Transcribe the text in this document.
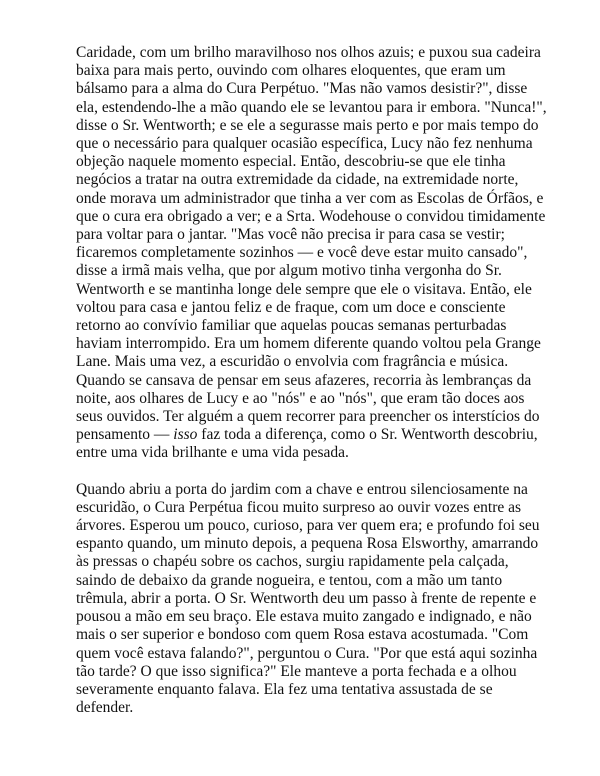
Caridade, com um brilho maravilhoso nos olhos azuis; e puxou sua cadeira
baixa para mais perto, ouvindo com olhares eloquentes, que eram um
bálsamo para a alma do Cura Perpétuo. "Mas não vamos desistir?", disse
ela, estendendo-lhe a mão quando ele se levantou para ir embora. "Nunca!",
disse o Sr. Wentworth; e se ele a segurasse mais perto e por mais tempo do
que o necessário para qualquer ocasião específica, Lucy não fez nenhuma
objeção naquele momento especial. Então, descobriu-se que ele tinha
negócios a tratar na outra extremidade da cidade, na extremidade norte,
onde morava um administrador que tinha a ver com as Escolas de Órfãos, e
que o cura era obrigado a ver; e a Srta. Wodehouse o convidou timidamente
para voltar para o jantar. "Mas você não precisa ir para casa se vestir;
ficaremos completamente sozinhos — e você deve estar muito cansado",
disse a irmã mais velha, que por algum motivo tinha vergonha do Sr.
Wentworth e se mantinha longe dele sempre que ele o visitava. Então, ele
voltou para casa e jantou feliz e de fraque, com um doce e consciente
retorno ao convívio familiar que aquelas poucas semanas perturbadas
haviam interrompido. Era um homem diferente quando voltou pela Grange
Lane. Mais uma vez, a escuridão o envolvia com fragrância e música.
Quando se cansava de pensar em seus afazeres, recorria às lembranças da
noite, aos olhares de Lucy e ao "nós" e ao "nós", que eram tão doces aos
seus ouvidos. Ter alguém a quem recorrer para preencher os interstícios do
pensamento — isso faz toda a diferença, como o Sr. Wentworth descobriu,
entre uma vida brilhante e uma vida pesada.

Quando abriu a porta do jardim com a chave e entrou silenciosamente na
escuridão, o Cura Perpétua ficou muito surpreso ao ouvir vozes entre as
árvores. Esperou um pouco, curioso, para ver quem era; e profundo foi seu
espanto quando, um minuto depois, a pequena Rosa Elsworthy, amarrando
às pressas o chapéu sobre os cachos, surgiu rapidamente pela calçada,
saindo de debaixo da grande nogueira, e tentou, com a mão um tanto
trêmula, abrir a porta. O Sr. Wentworth deu um passo à frente de repente e
pousou a mão em seu braço. Ele estava muito zangado e indignado, e não
mais o ser superior e bondoso com quem Rosa estava acostumada. "Com
quem você estava falando?", perguntou o Cura. "Por que está aqui sozinha
tão tarde? O que isso significa?" Ele manteve a porta fechada e a olhou
severamente enquanto falava. Ela fez uma tentativa assustada de se
defender.
